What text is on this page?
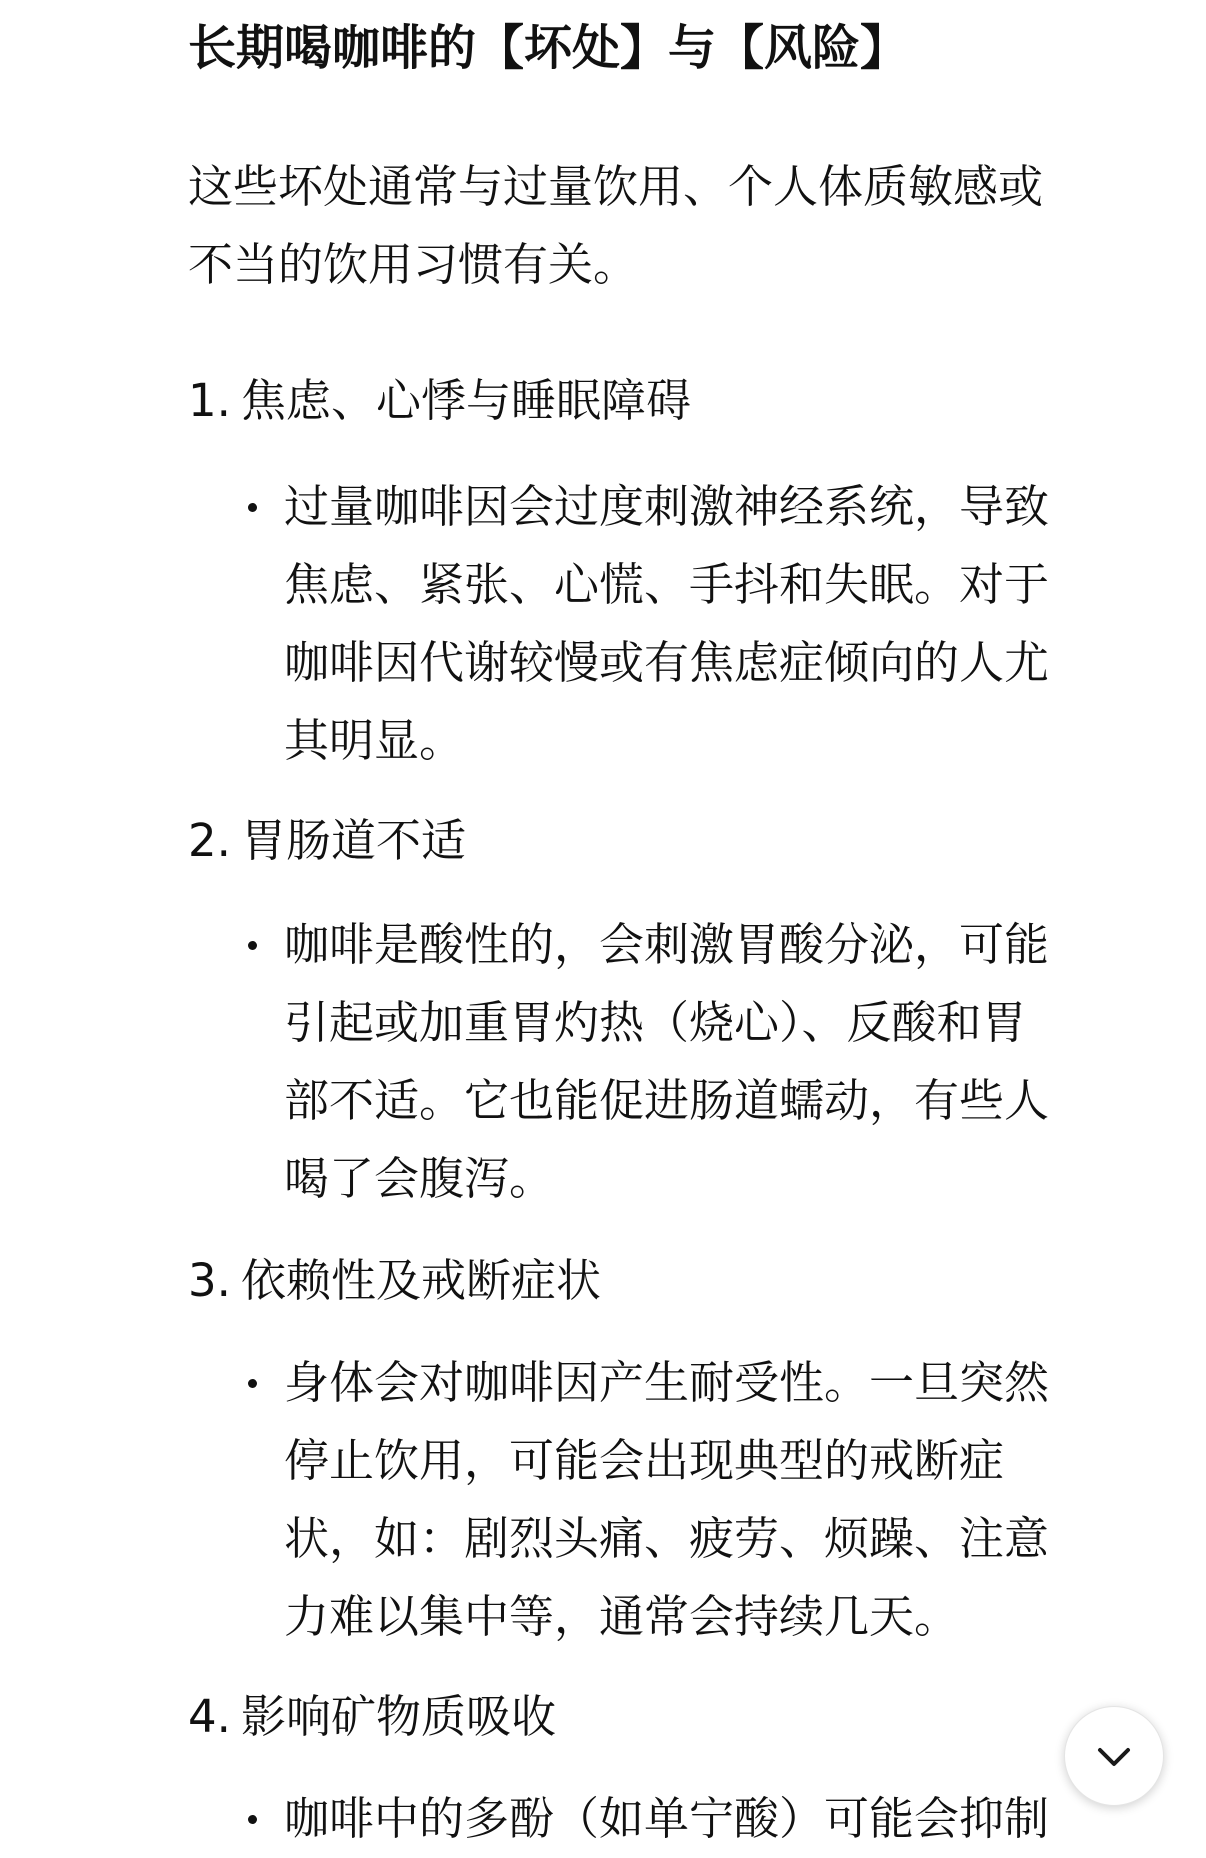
长期喝咖啡的【坏处】与【风险】
这些坏处通常与过量饮用、个人体质敏感或
不当的饮用习惯有关。
1. 焦虑、心悸与睡眠障碍
过量咖啡因会过度刺激神经系统，导致
焦虑、紧张、心慌、手抖和失眠。对于
咖啡因代谢较慢或有焦虑症倾向的人尤
其明显。
2. 胃肠道不适
咖啡是酸性的，会刺激胃酸分泌，可能
引起或加重胃灼热（烧心）、反酸和胃
部不适。它也能促进肠道蠕动，有些人
喝了会腹泻。
3. 依赖性及戒断症状
身体会对咖啡因产生耐受性。一旦突然
停止饮用，可能会出现典型的戒断症
状，如：剧烈头痛、疲劳、烦躁、注意
力难以集中等，通常会持续几天。
4. 影响矿物质吸收
咖啡中的多酚（如单宁酸）可能会抑制
